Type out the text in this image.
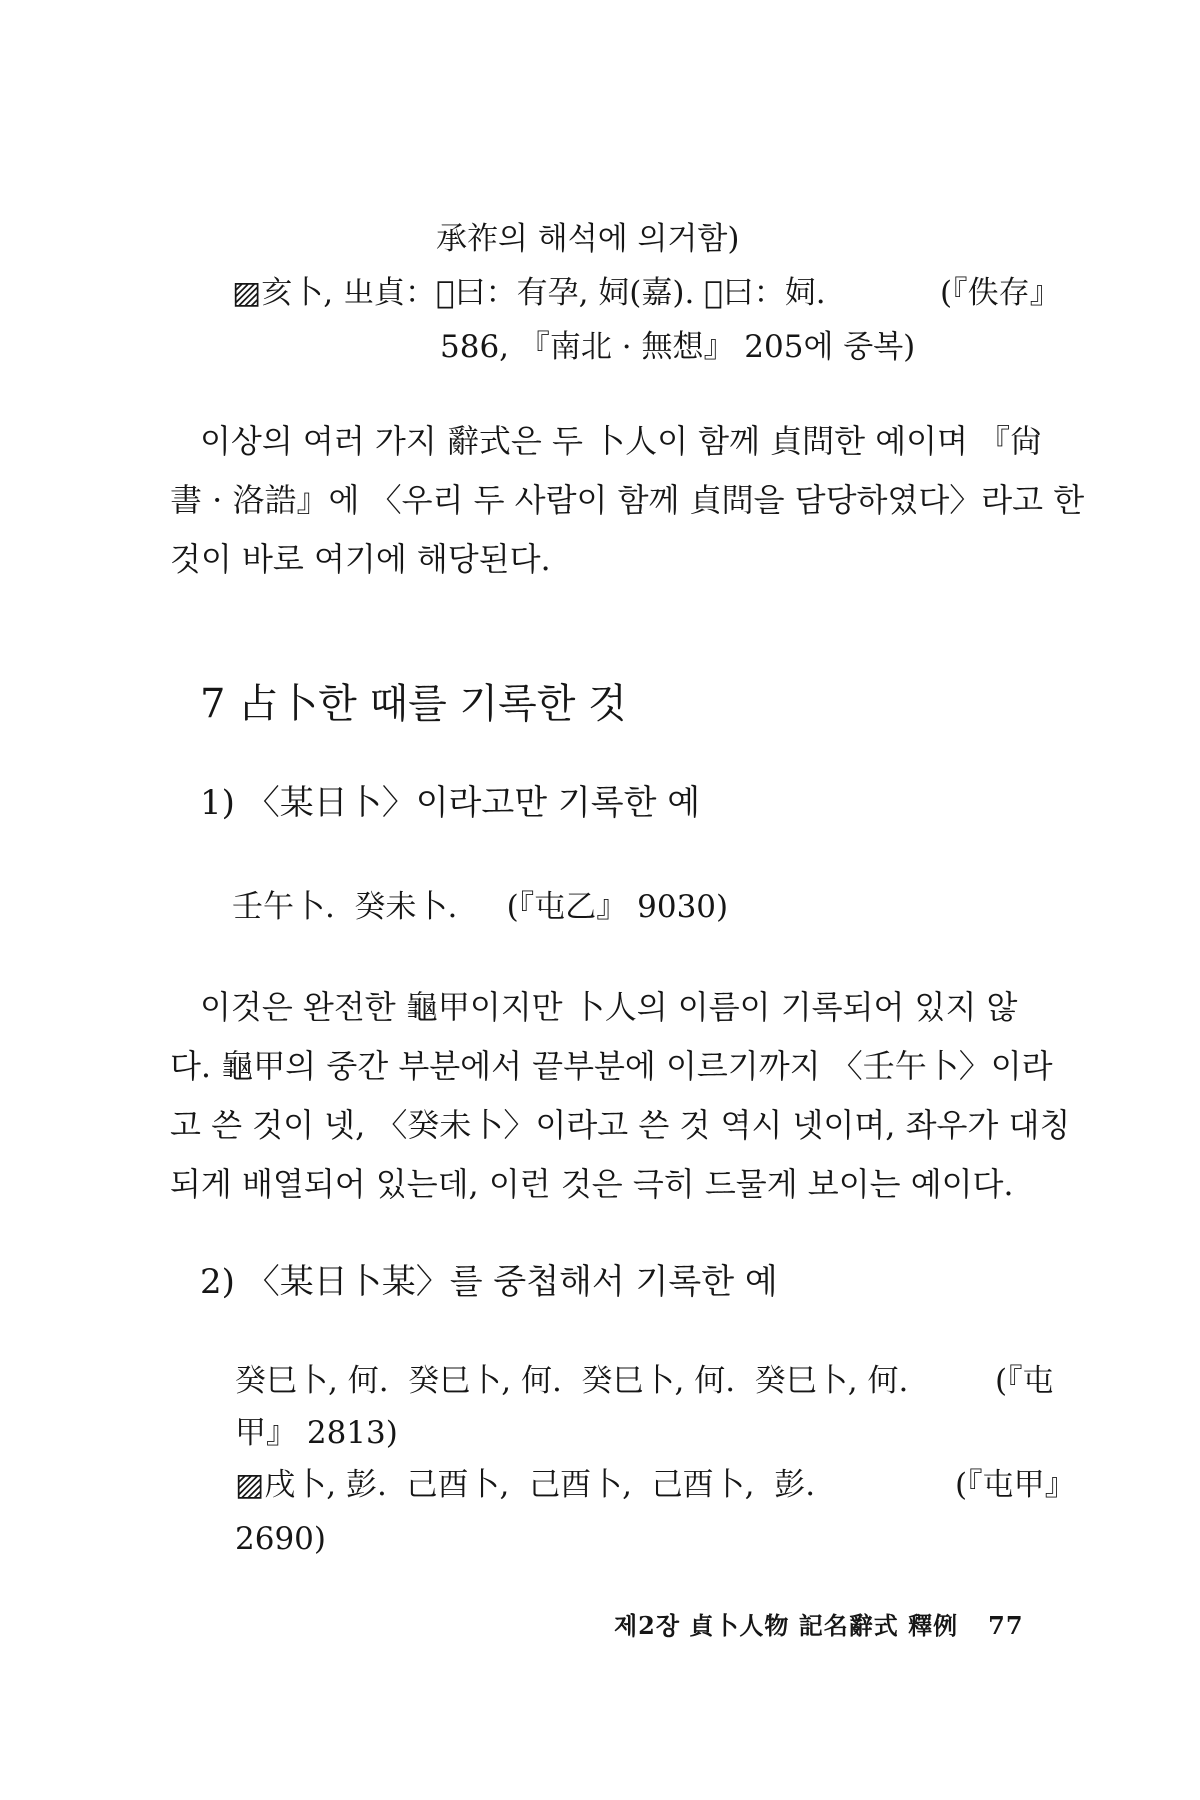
承祚의 해석에 의거함)

▨亥卜, 㞢貞：𫱮曰：有孕, 㚸(嘉). 𫱮曰：㚸.	(『佚存』

586, 『南北 · 無想』 205에 중복)

이상의 여러 가지 辭式은 두 卜人이 함께 貞問한 예이며 『尙
書 · 洛誥』에 〈우리 두 사람이 함께 貞問을 담당하였다〉라고 한
것이 바로 여기에 해당된다.
7 占卜한 때를 기록한 것
1) 〈某日卜〉이라고만 기록한 예

壬午卜.  癸未卜.     (『屯乙』 9030)

이것은 완전한 龜甲이지만 卜人의 이름이 기록되어 있지 않
다. 龜甲의 중간 부분에서 끝부분에 이르기까지 〈壬午卜〉이라
고 쓴 것이 넷, 〈癸未卜〉이라고 쓴 것 역시 넷이며, 좌우가 대칭
되게 배열되어 있는데, 이런 것은 극히 드물게 보이는 예이다.
2) 〈某日卜某〉를 중첩해서 기록한 예

癸巳卜, 何.  癸巳卜, 何.  癸巳卜, 何.  癸巳卜, 何.	(『屯

甲』 2813)

▨戌卜, 彭.  己酉卜,  己酉卜,  己酉卜,  彭.	(『屯甲』

2690)

제2장 貞卜人物 記名辭式 釋例 77
